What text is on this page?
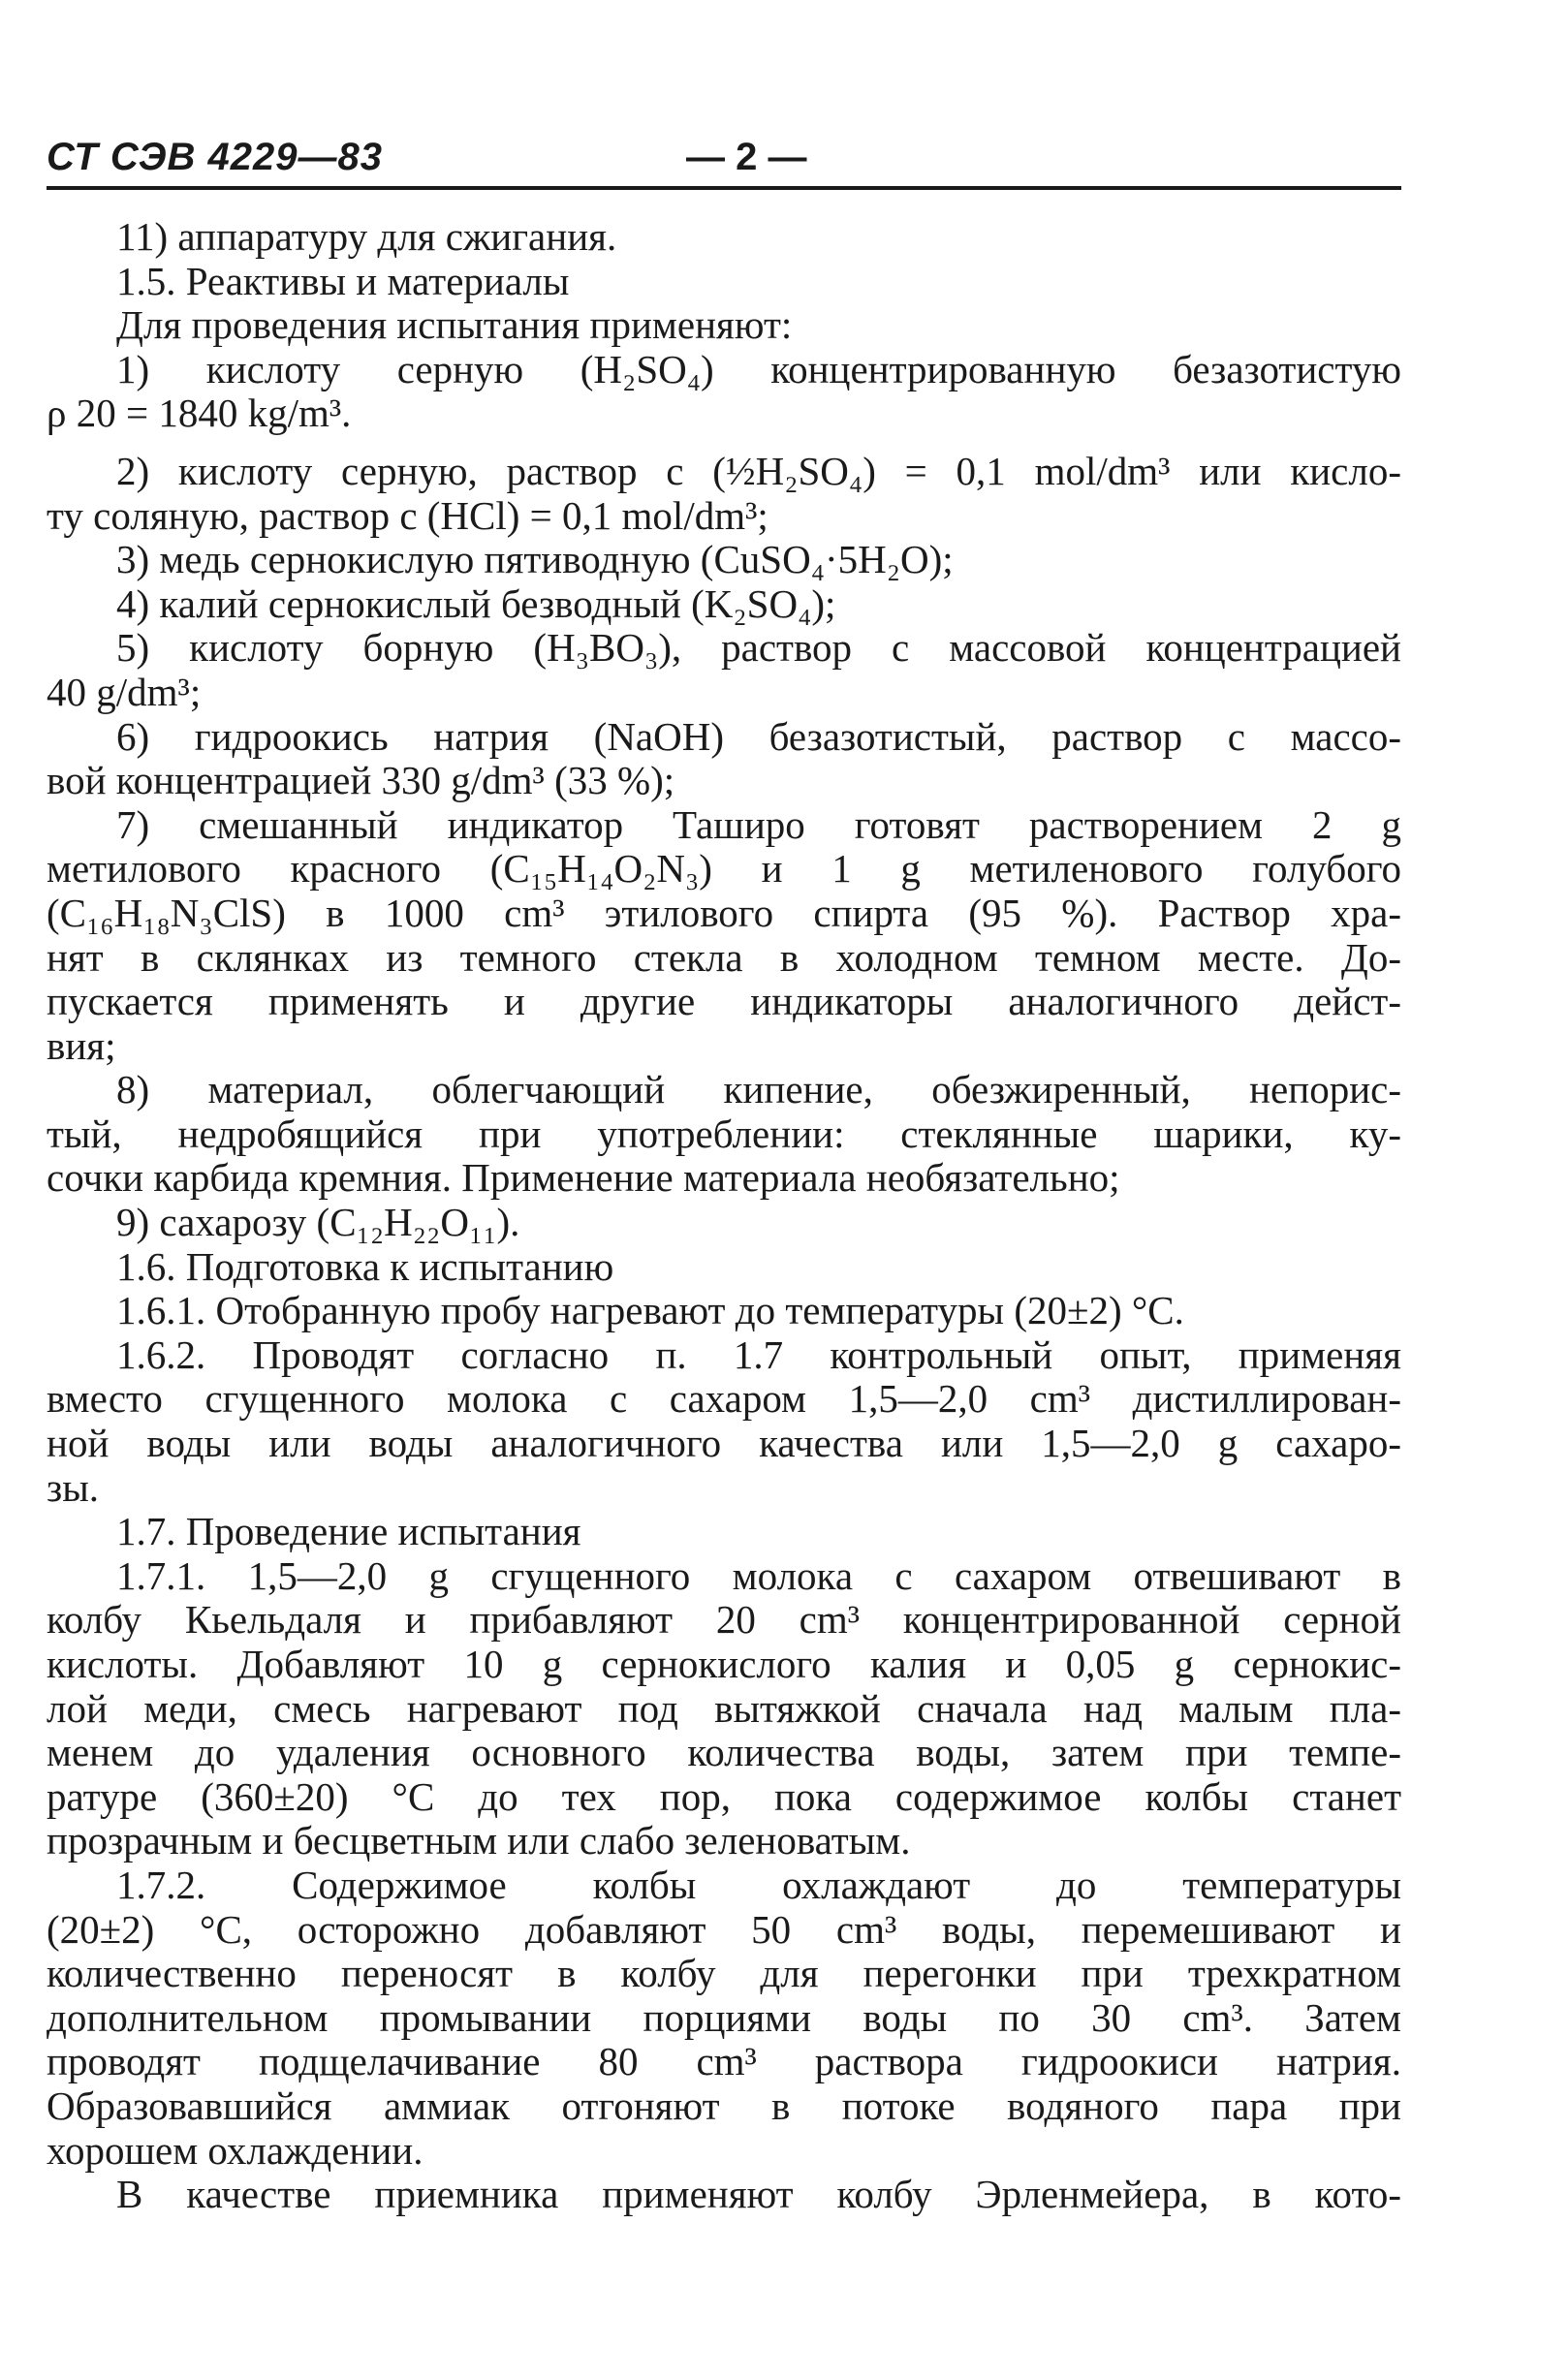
СТ СЭВ 4229—83	— 2 —
11) аппаратуру для сжигания.
1.5. Реактивы и материалы
Для проведения испытания применяют:
1) кислоту серную (H₂SO₄) концентрированную безазотистую
ρ 20 = 1840 kg/m³.
2) кислоту серную, раствор с (½H₂SO₄) = 0,1 mol/dm³ или кисло-
ту соляную, раствор с (HCl) = 0,1 mol/dm³;
3) медь сернокислую пятиводную (CuSO₄·5H₂O);
4) калий сернокислый безводный (K₂SO₄);
5) кислоту борную (H₃BO₃), раствор с массовой концентрацией
40 g/dm³;
6) гидроокись натрия (NaOH) безазотистый, раствор с массо-
вой концентрацией 330 g/dm³ (33 %);
7) смешанный индикатор Таширо готовят растворением 2 g
метилового красного (C₁₅H₁₄O₂N₃) и 1 g метиленового голубого
(C₁₆H₁₈N₃ClS) в 1000 cm³ этилового спирта (95 %). Раствор хра-
нят в склянках из темного стекла в холодном темном месте. До-
пускается применять и другие индикаторы аналогичного дейст-
вия;
8) материал, облегчающий кипение, обезжиренный, непорис-
тый, недробящийся при употреблении: стеклянные шарики, ку-
сочки карбида кремния. Применение материала необязательно;
9) сахарозу (C₁₂H₂₂O₁₁).
1.6. Подготовка к испытанию
1.6.1. Отобранную пробу нагревают до температуры (20±2) °C.
1.6.2. Проводят согласно п. 1.7 контрольный опыт, применяя
вместо сгущенного молока с сахаром 1,5—2,0 cm³ дистиллирован-
ной воды или воды аналогичного качества или 1,5—2,0 g сахаро-
зы.
1.7. Проведение испытания
1.7.1. 1,5—2,0 g сгущенного молока с сахаром отвешивают в
колбу Кьельдаля и прибавляют 20 cm³ концентрированной серной
кислоты. Добавляют 10 g сернокислого калия и 0,05 g сернокис-
лой меди, смесь нагревают под вытяжкой сначала над малым пла-
менем до удаления основного количества воды, затем при темпе-
ратуре (360±20) °C до тех пор, пока содержимое колбы станет
прозрачным и бесцветным или слабо зеленоватым.
1.7.2. Содержимое колбы охлаждают до температуры
(20±2) °C, осторожно добавляют 50 cm³ воды, перемешивают и
количественно переносят в колбу для перегонки при трехкратном
дополнительном промывании порциями воды по 30 cm³. Затем
проводят подщелачивание 80 cm³ раствора гидроокиси натрия.
Образовавшийся аммиак отгоняют в потоке водяного пара при
хорошем охлаждении.
В качестве приемника применяют колбу Эрленмейера, в кото-
